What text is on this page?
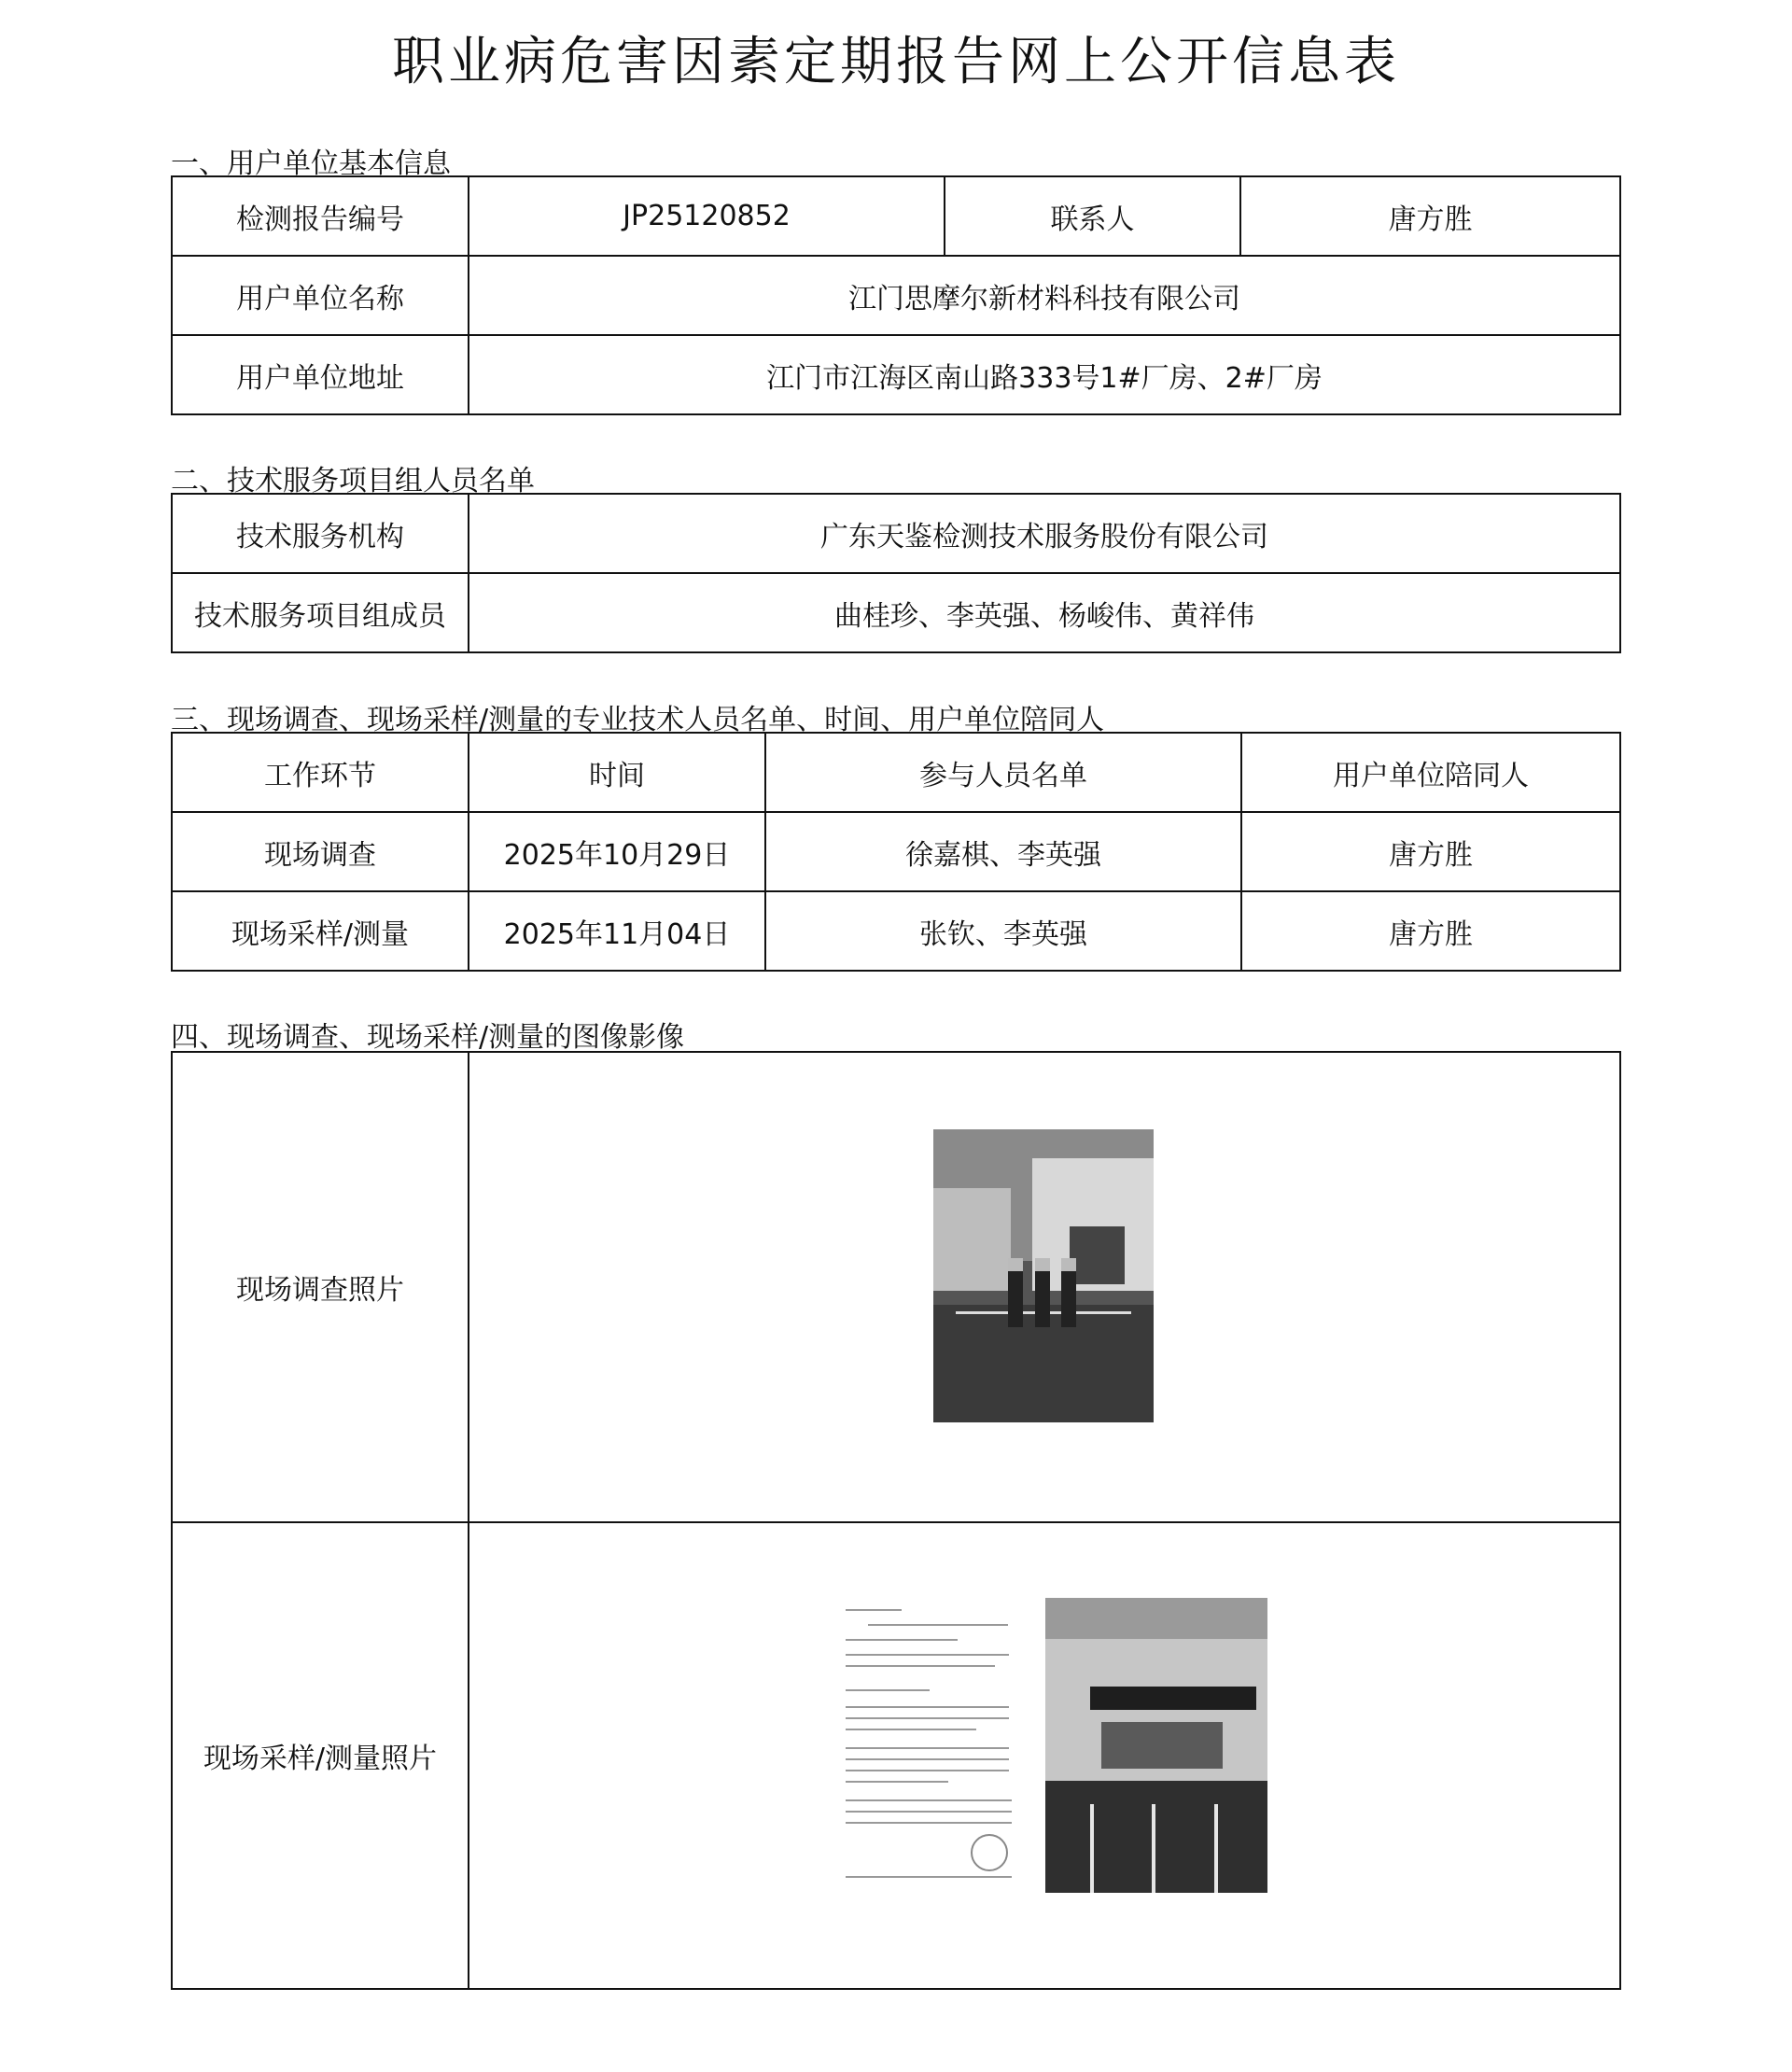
职业病危害因素定期报告网上公开信息表
一、用户单位基本信息
检测报告编号	JP25120852	联系人	唐方胜
用户单位名称	江门思摩尔新材料科技有限公司		
用户单位地址	江门市江海区南山路333号1#厂房、2#厂房		
二、技术服务项目组人员名单
技术服务机构	广东天鉴检测技术服务股份有限公司
技术服务项目组成员	曲桂珍、李英强、杨峻伟、黄祥伟
三、现场调查、现场采样/测量的专业技术人员名单、时间、用户单位陪同人
工作环节	时间	参与人员名单	用户单位陪同人
现场调查	2025年10月29日	徐嘉棋、李英强	唐方胜
现场采样/测量	2025年11月04日	张钦、李英强	唐方胜
四、现场调查、现场采样/测量的图像影像
现场调查照片	

现场采样/测量照片	
